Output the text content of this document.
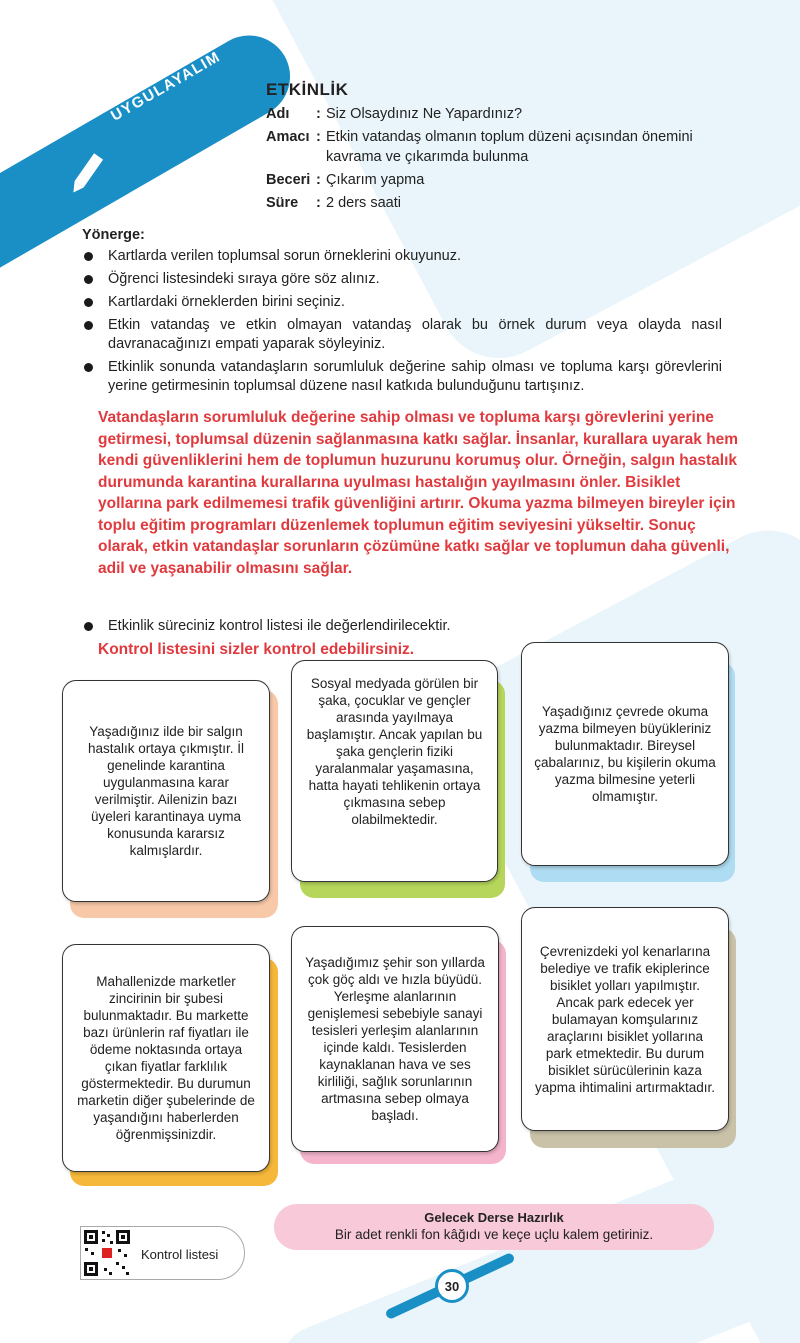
UYGULAYALIM ETKİNLİK
Adı	: Siz Olsaydınız Ne Yapardınız?
Amacı : Etkin vatandaş olmanın toplum düzeni açısından önemini kavrama ve çıkarımda bulunma
Beceri : Çıkarım yapma
Süre	: 2 ders saati
Yönerge:
Kartlarda verilen toplumsal sorun örneklerini okuyunuz.
Öğrenci listesindeki sıraya göre söz alınız.
Kartlardaki örneklerden birini seçiniz.
Etkin vatandaş ve etkin olmayan vatandaş olarak bu örnek durum veya olayda nasıl davranacağınızı empati yaparak söyleyiniz.
Etkinlik sonunda vatandaşların sorumluluk değerine sahip olması ve topluma karşı görevlerini yerine getirmesinin toplumsal düzene nasıl katkıda bulunduğunu tartışınız.
Vatandaşların sorumluluk değerine sahip olması ve topluma karşı görevlerini yerine getirmesi, toplumsal düzenin sağlanmasına katkı sağlar. İnsanlar, kurallara uyarak hem kendi güvenliklerini hem de toplumun huzurunu korumuş olur. Örneğin, salgın hastalık durumunda karantina kurallarına uyulması hastalığın yayılmasını önler. Bisiklet yollarına park edilmemesi trafik güvenliğini artırır. Okuma yazma bilmeyen bireyler için toplu eğitim programları düzenlemek toplumun eğitim seviyesini yükseltir. Sonuç olarak, etkin vatandaşlar sorunların çözümüne katkı sağlar ve toplumun daha güvenli, adil ve yaşanabilir olmasını sağlar.
Etkinlik süreciniz kontrol listesi ile değerlendirilecektir.
Kontrol listesini sizler kontrol edebilirsiniz.
Yaşadığınız ilde bir salgın hastalık ortaya çıkmıştır. İl genelinde karantina uygulanmasına karar verilmiştir. Ailenizin bazı üyeleri karantinaya uyma konusunda kararsız kalmışlardır.
Sosyal medyada görülen bir şaka, çocuklar ve gençler arasında yayılmaya başlamıştır. Ancak yapılan bu şaka gençlerin fiziki yaralanmalar yaşamasına, hatta hayati tehlikenin ortaya çıkmasına sebep olabilmektedir.
Yaşadığınız çevrede okuma yazma bilmeyen büyükleriniz bulunmaktadır. Bireysel çabalarınız, bu kişilerin okuma yazma bilmesine yeterli olmamıştır.
Mahallenizde marketler zincirinin bir şubesi bulunmaktadır. Bu markette bazı ürünlerin raf fiyatları ile ödeme noktasında ortaya çıkan fiyatlar farklılık göstermektedir. Bu durumun marketin diğer şubelerinde de yaşandığını haberlerden öğrenmişsinizdir.
Yaşadığımız şehir son yıllarda çok göç aldı ve hızla büyüdü. Yerleşme alanlarının genişlemesi sebebiyle sanayi tesisleri yerleşim alanlarının içinde kaldı. Tesislerden kaynaklanan hava ve ses kirliliği, sağlık sorunlarının artmasına sebep olmaya başladı.
Çevrenizdeki yol kenarlarına belediye ve trafik ekiplerince bisiklet yolları yapılmıştır. Ancak park edecek yer bulamayan komşularınız araçlarını bisiklet yollarına park etmektedir. Bu durum bisiklet sürücülerinin kaza yapma ihtimalini artırmaktadır.
Kontrol listesi
Gelecek Derse Hazırlık
Bir adet renkli fon kâğıdı ve keçe uçlu kalem getiriniz.
30
